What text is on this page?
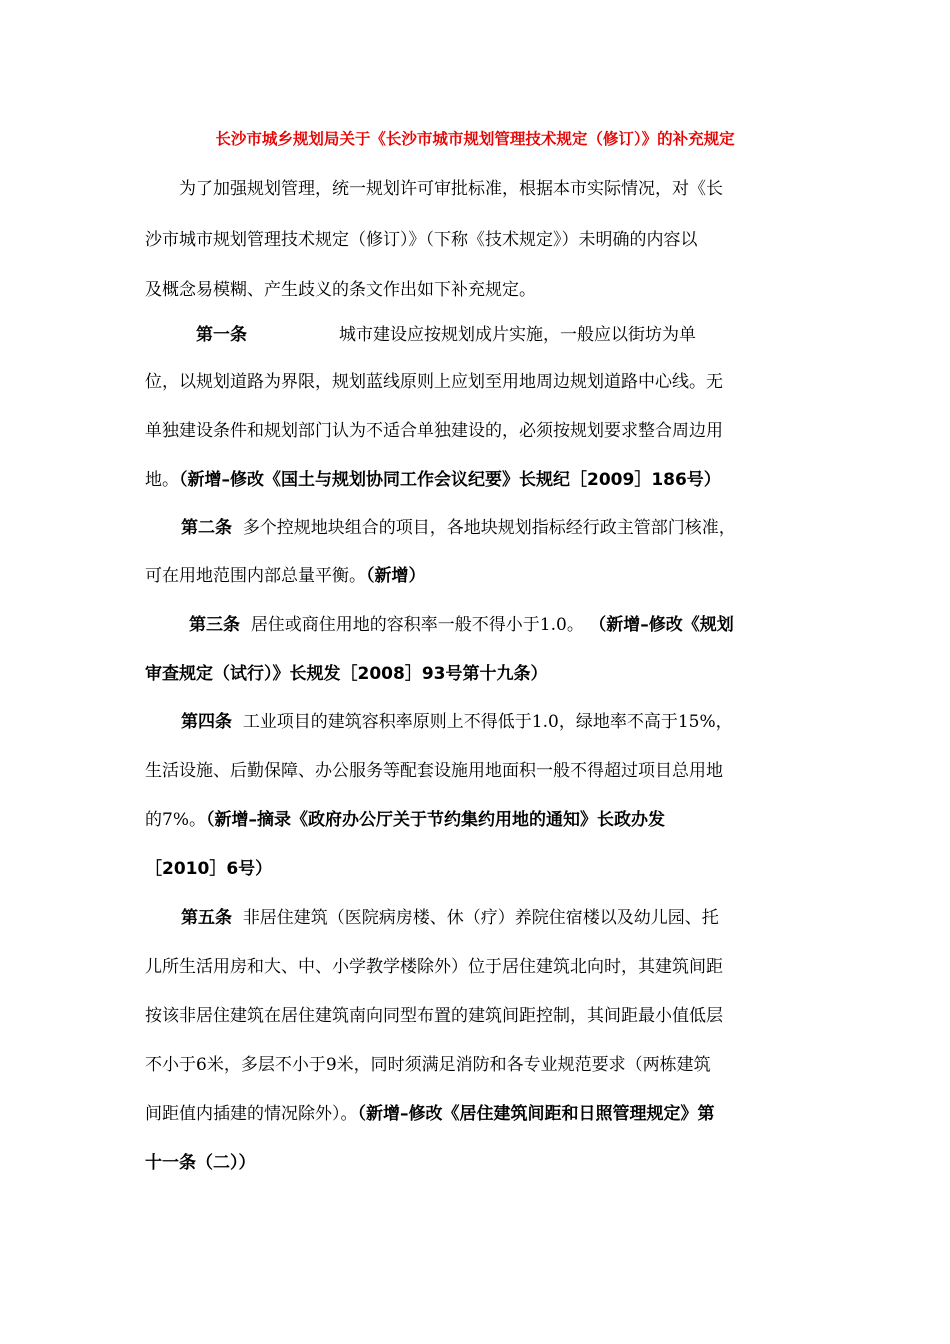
长沙市城乡规划局关于《长沙市城市规划管理技术规定（修订）》的补充规定
为了加强规划管理，统一规划许可审批标准，根据本市实际情况，对《长
沙市城市规划管理技术规定（修订）》（下称《技术规定》）未明确的内容以
及概念易模糊、产生歧义的条文作出如下补充规定。
第一条	城市建设应按规划成片实施，一般应以街坊为单
位，以规划道路为界限，规划蓝线原则上应划至用地周边规划道路中心线。无
单独建设条件和规划部门认为不适合单独建设的，必须按规划要求整合周边用
地。（新增–修改《国土与规划协同工作会议纪要》长规纪［2009］186号）
第二条 多个控规地块组合的项目，各地块规划指标经行政主管部门核准，
可在用地范围内部总量平衡。（新增）
第三条 居住或商住用地的容积率一般不得小于1.0。 （新增–修改《规划
审查规定（试行）》长规发［2008］93号第十九条）
第四条 工业项目的建筑容积率原则上不得低于1.0，绿地率不高于15%，
生活设施、后勤保障、办公服务等配套设施用地面积一般不得超过项目总用地
的7%。（新增–摘录《政府办公厅关于节约集约用地的通知》长政办发
［2010］6号）
第五条 非居住建筑（医院病房楼、休（疗）养院住宿楼以及幼儿园、托
儿所生活用房和大、中、小学教学楼除外）位于居住建筑北向时，其建筑间距
按该非居住建筑在居住建筑南向同型布置的建筑间距控制，其间距最小值低层
不小于6米，多层不小于9米，同时须满足消防和各专业规范要求（两栋建筑
间距值内插建的情况除外）。（新增–修改《居住建筑间距和日照管理规定》第
十一条（二））
